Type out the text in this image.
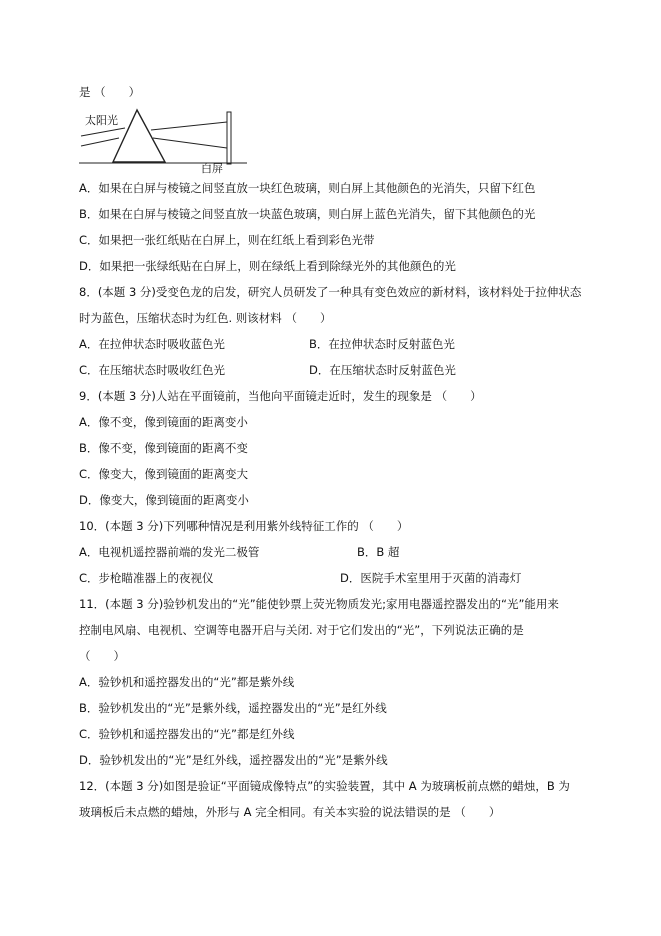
是 （　　）
太阳光
白屏
A．如果在白屏与棱镜之间竖直放一块红色玻璃，则白屏上其他颜色的光消失，只留下红色
B．如果在白屏与棱镜之间竖直放一块蓝色玻璃，则白屏上蓝色光消失，留下其他颜色的光
C．如果把一张红纸贴在白屏上，则在红纸上看到彩色光带
D．如果把一张绿纸贴在白屏上，则在绿纸上看到除绿光外的其他颜色的光
8．(本题 3 分)受变色龙的启发，研究人员研发了一种具有变色效应的新材料，该材料处于拉伸状态
时为蓝色，压缩状态时为红色. 则该材料 （　　）
A．在拉伸状态时吸收蓝色光	B．在拉伸状态时反射蓝色光
C．在压缩状态时吸收红色光	D．在压缩状态时反射蓝色光
9．(本题 3 分)人站在平面镜前，当他向平面镜走近时，发生的现象是 （　　）
A．像不变，像到镜面的距离变小
B．像不变，像到镜面的距离不变
C．像变大，像到镜面的距离变大
D．像变大，像到镜面的距离变小
10．(本题 3 分)下列哪种情况是利用紫外线特征工作的 （　　）
A．电视机遥控器前端的发光二极管	B．B 超
C．步枪瞄准器上的夜视仪	D．医院手术室里用于灭菌的消毒灯
11．(本题 3 分)验钞机发出的“光”能使钞票上荧光物质发光;家用电器遥控器发出的“光”能用来
控制电风扇、电视机、空调等电器开启与关闭. 对于它们发出的“光”，下列说法正确的是
（　　）
A．验钞机和遥控器发出的“光”都是紫外线
B．验钞机发出的“光”是紫外线，遥控器发出的“光”是红外线
C．验钞机和遥控器发出的“光”都是红外线
D．验钞机发出的“光”是红外线，遥控器发出的“光”是紫外线
12．(本题 3 分)如图是验证“平面镜成像特点”的实验装置，其中 A 为玻璃板前点燃的蜡烛，B 为
玻璃板后未点燃的蜡烛，外形与 A 完全相同。有关本实验的说法错误的是 （　　）
